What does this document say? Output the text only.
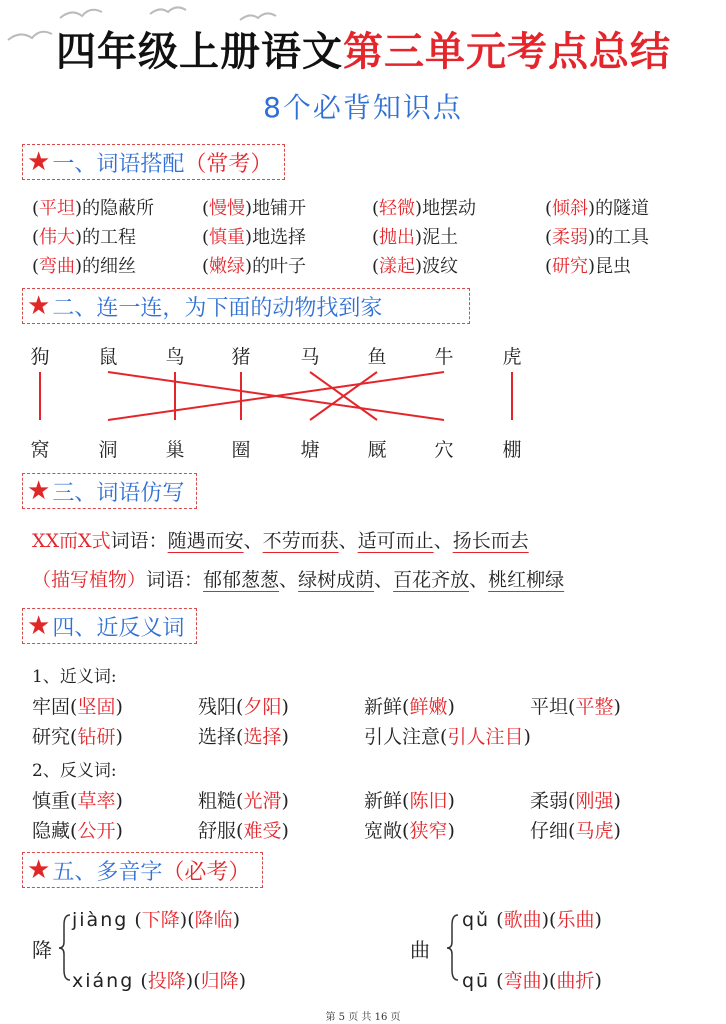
四年级上册语文第三单元考点总结
8个必背知识点
★ 一、词语搭配 （常考）
(平坦)的隐蔽所	(慢慢)地铺开	(轻微)地摆动	(倾斜)的隧道
(伟大)的工程	(慎重)地选择	(抛出)泥土	(柔弱)的工具
(弯曲)的细丝	(嫩绿)的叶子	(漾起)波纹	(研究)昆虫
★ 二、连一连，为下面的动物找到家
狗	鼠	鸟 猪	马	鱼	牛	虎
窝	洞	巢 圈	塘	厩	穴	棚
★ 三、词语仿写
XX而X式词语：随遇而安、不劳而获、适可而止、扬长而去
（描写植物）词语：郁郁葱葱、绿树成荫、百花齐放、桃红柳绿
★ 四、近反义词
1、近义词:
2、反义词:
牢固(坚固)	残阳(夕阳)	新鲜(鲜嫩)	平坦(平整)
研究(钻研)	选择(选择)	引人注意(引人注目)
慎重(草率)	粗糙(光滑)	新鲜(陈旧)	柔弱(刚强)
隐藏(公开)	舒服(难受)	宽敞(狭窄)	仔细(马虎)
★ 五、多音字 （必考）
降
jiàng (下降)(降临)
xiáng (投降)(归降)
曲
qǔ (歌曲)(乐曲)
qū (弯曲)(曲折)
第 5 页 共 16 页
